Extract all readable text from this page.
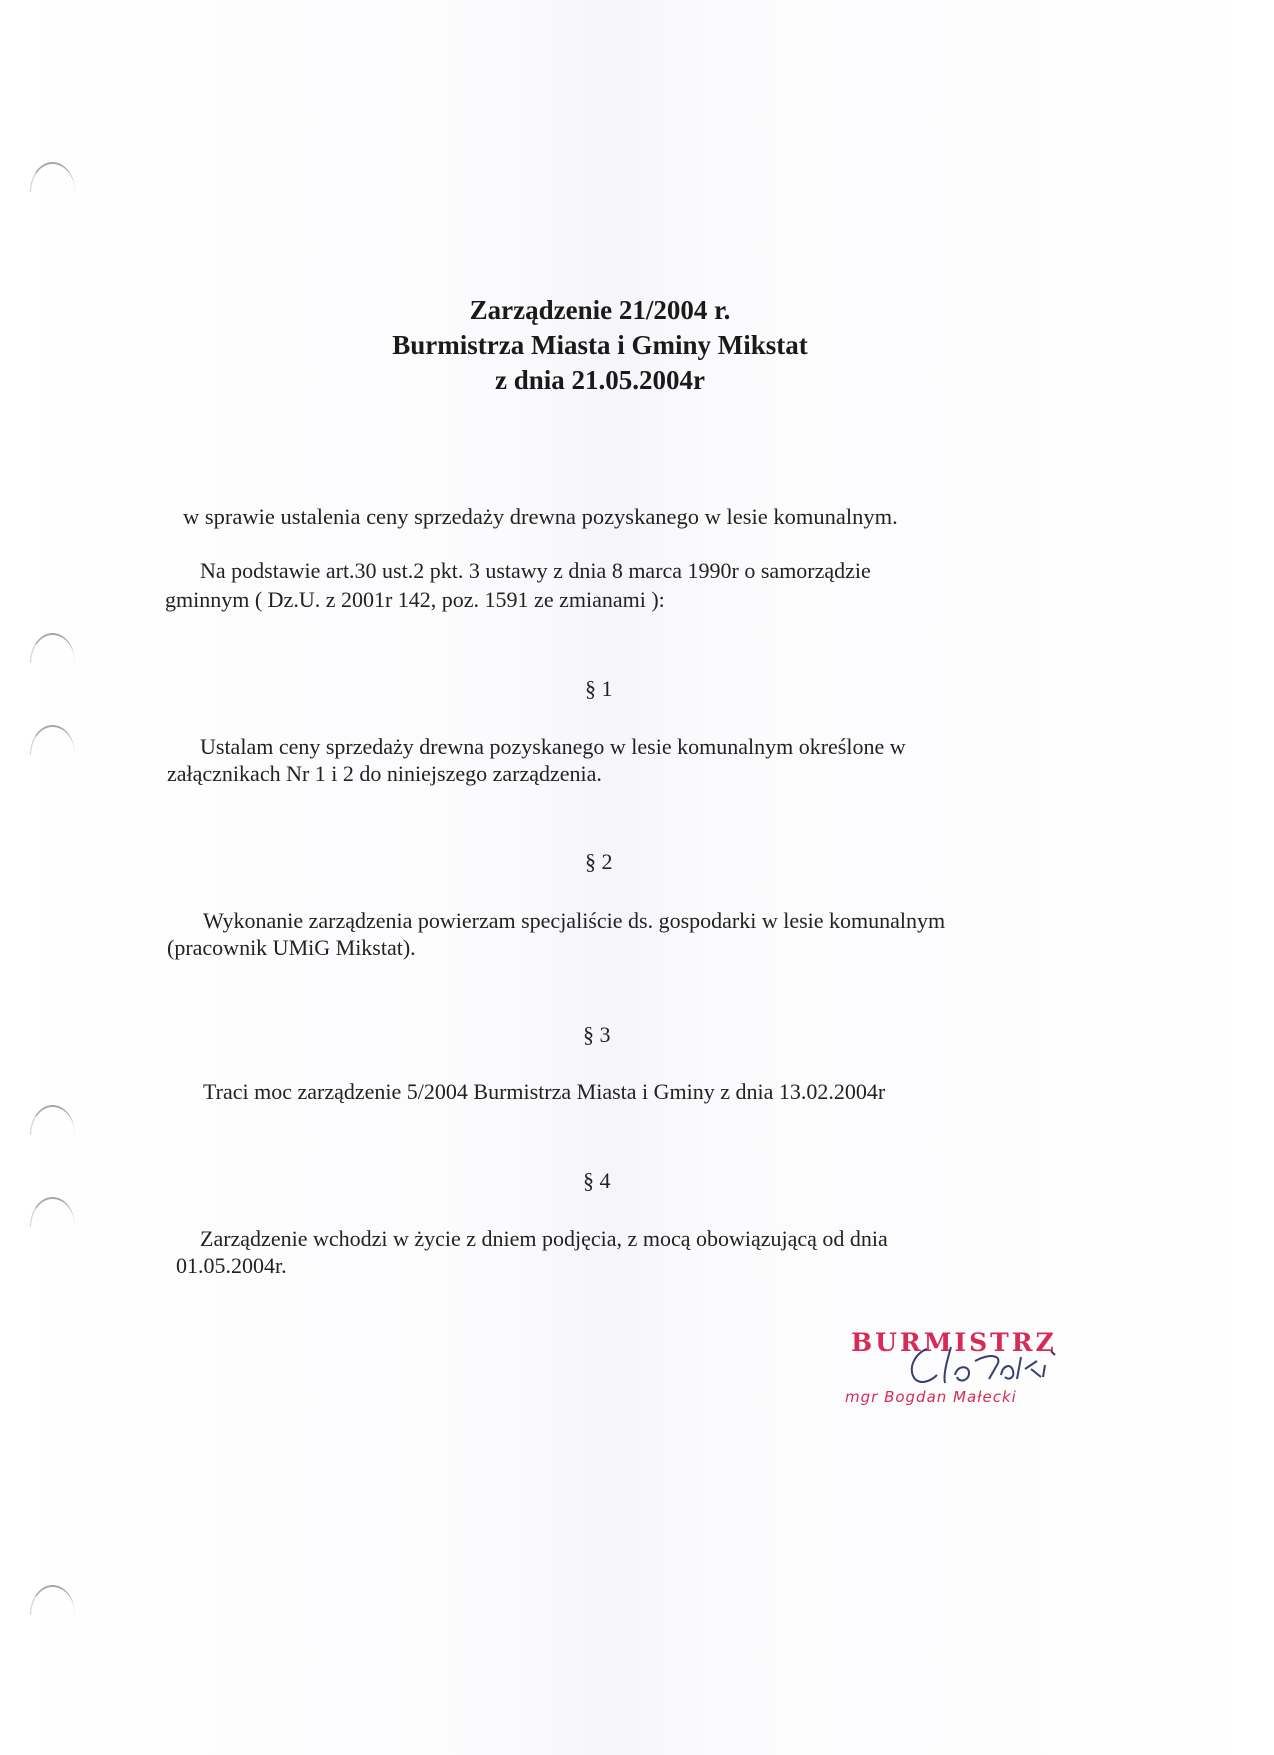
Zarządzenie 21/2004 r.
Burmistrza Miasta i Gminy Mikstat
z dnia 21.05.2004r
w sprawie ustalenia ceny sprzedaży drewna pozyskanego w lesie komunalnym.
Na podstawie art.30 ust.2 pkt. 3 ustawy z dnia 8 marca 1990r o samorządzie
gminnym ( Dz.U. z 2001r 142, poz. 1591 ze zmianami ):
§ 1
Ustalam ceny sprzedaży drewna pozyskanego w lesie komunalnym określone w
załącznikach Nr 1 i 2 do niniejszego zarządzenia.
§ 2
Wykonanie zarządzenia powierzam specjaliście ds. gospodarki w lesie komunalnym
(pracownik UMiG Mikstat).
§ 3
Traci moc zarządzenie 5/2004 Burmistrza Miasta i Gminy z dnia 13.02.2004r
§ 4
Zarządzenie wchodzi w życie z dniem podjęcia, z mocą obowiązującą od dnia
01.05.2004r.
BURMISTRZ
mgr Bogdan Małecki
